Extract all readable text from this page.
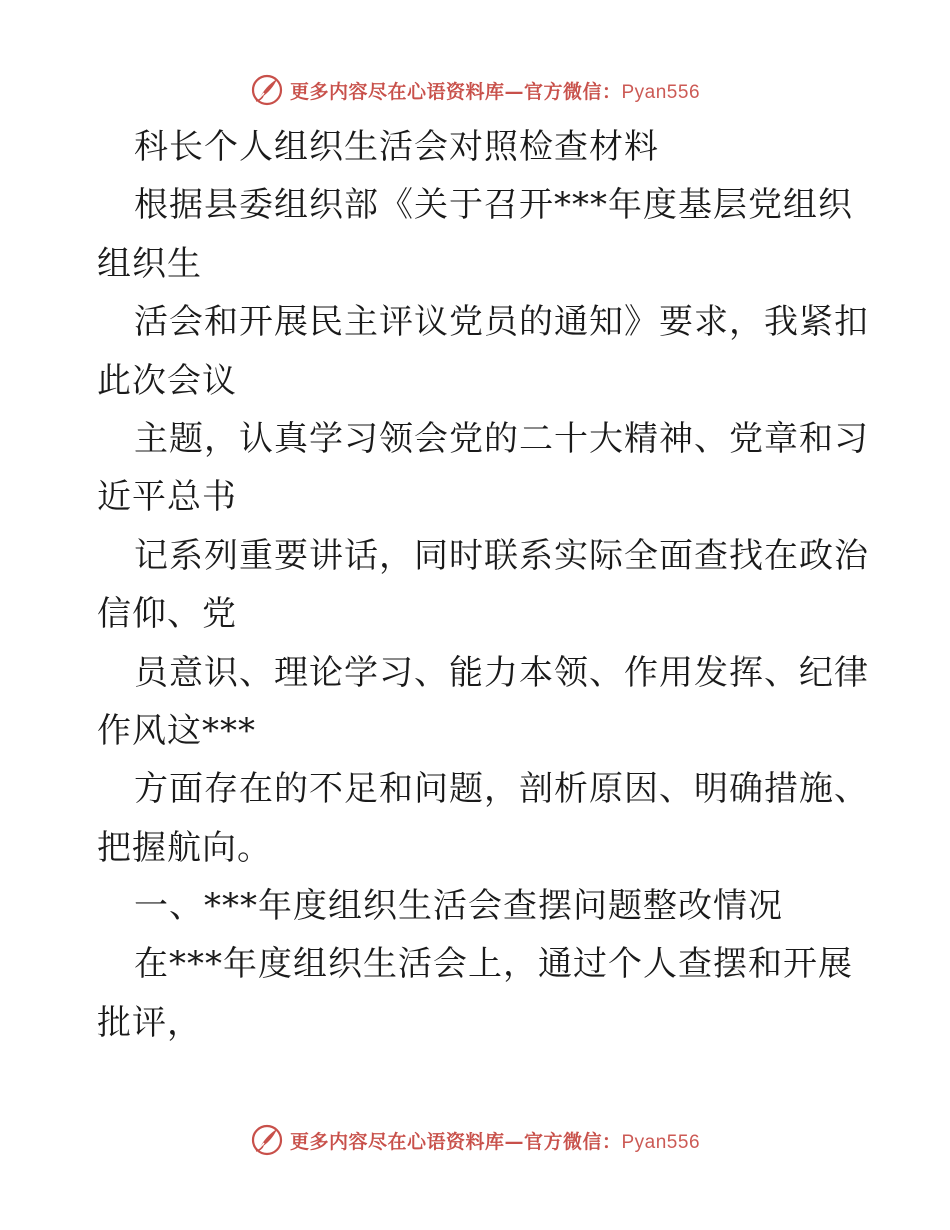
更多内容尽在心语资料库—官方微信：Pyan556
科长个人组织生活会对照检查材料
根据县委组织部《关于召开***年度基层党组织
组织生
活会和开展民主评议党员的通知》要求，我紧扣
此次会议
主题，认真学习领会党的二十大精神、党章和习
近平总书
记系列重要讲话，同时联系实际全面查找在政治
信仰、党
员意识、理论学习、能力本领、作用发挥、纪律
作风这***
方面存在的不足和问题，剖析原因、明确措施、
把握航向。
一、***年度组织生活会查摆问题整改情况
在***年度组织生活会上，通过个人查摆和开展
批评，
更多内容尽在心语资料库—官方微信：Pyan556
